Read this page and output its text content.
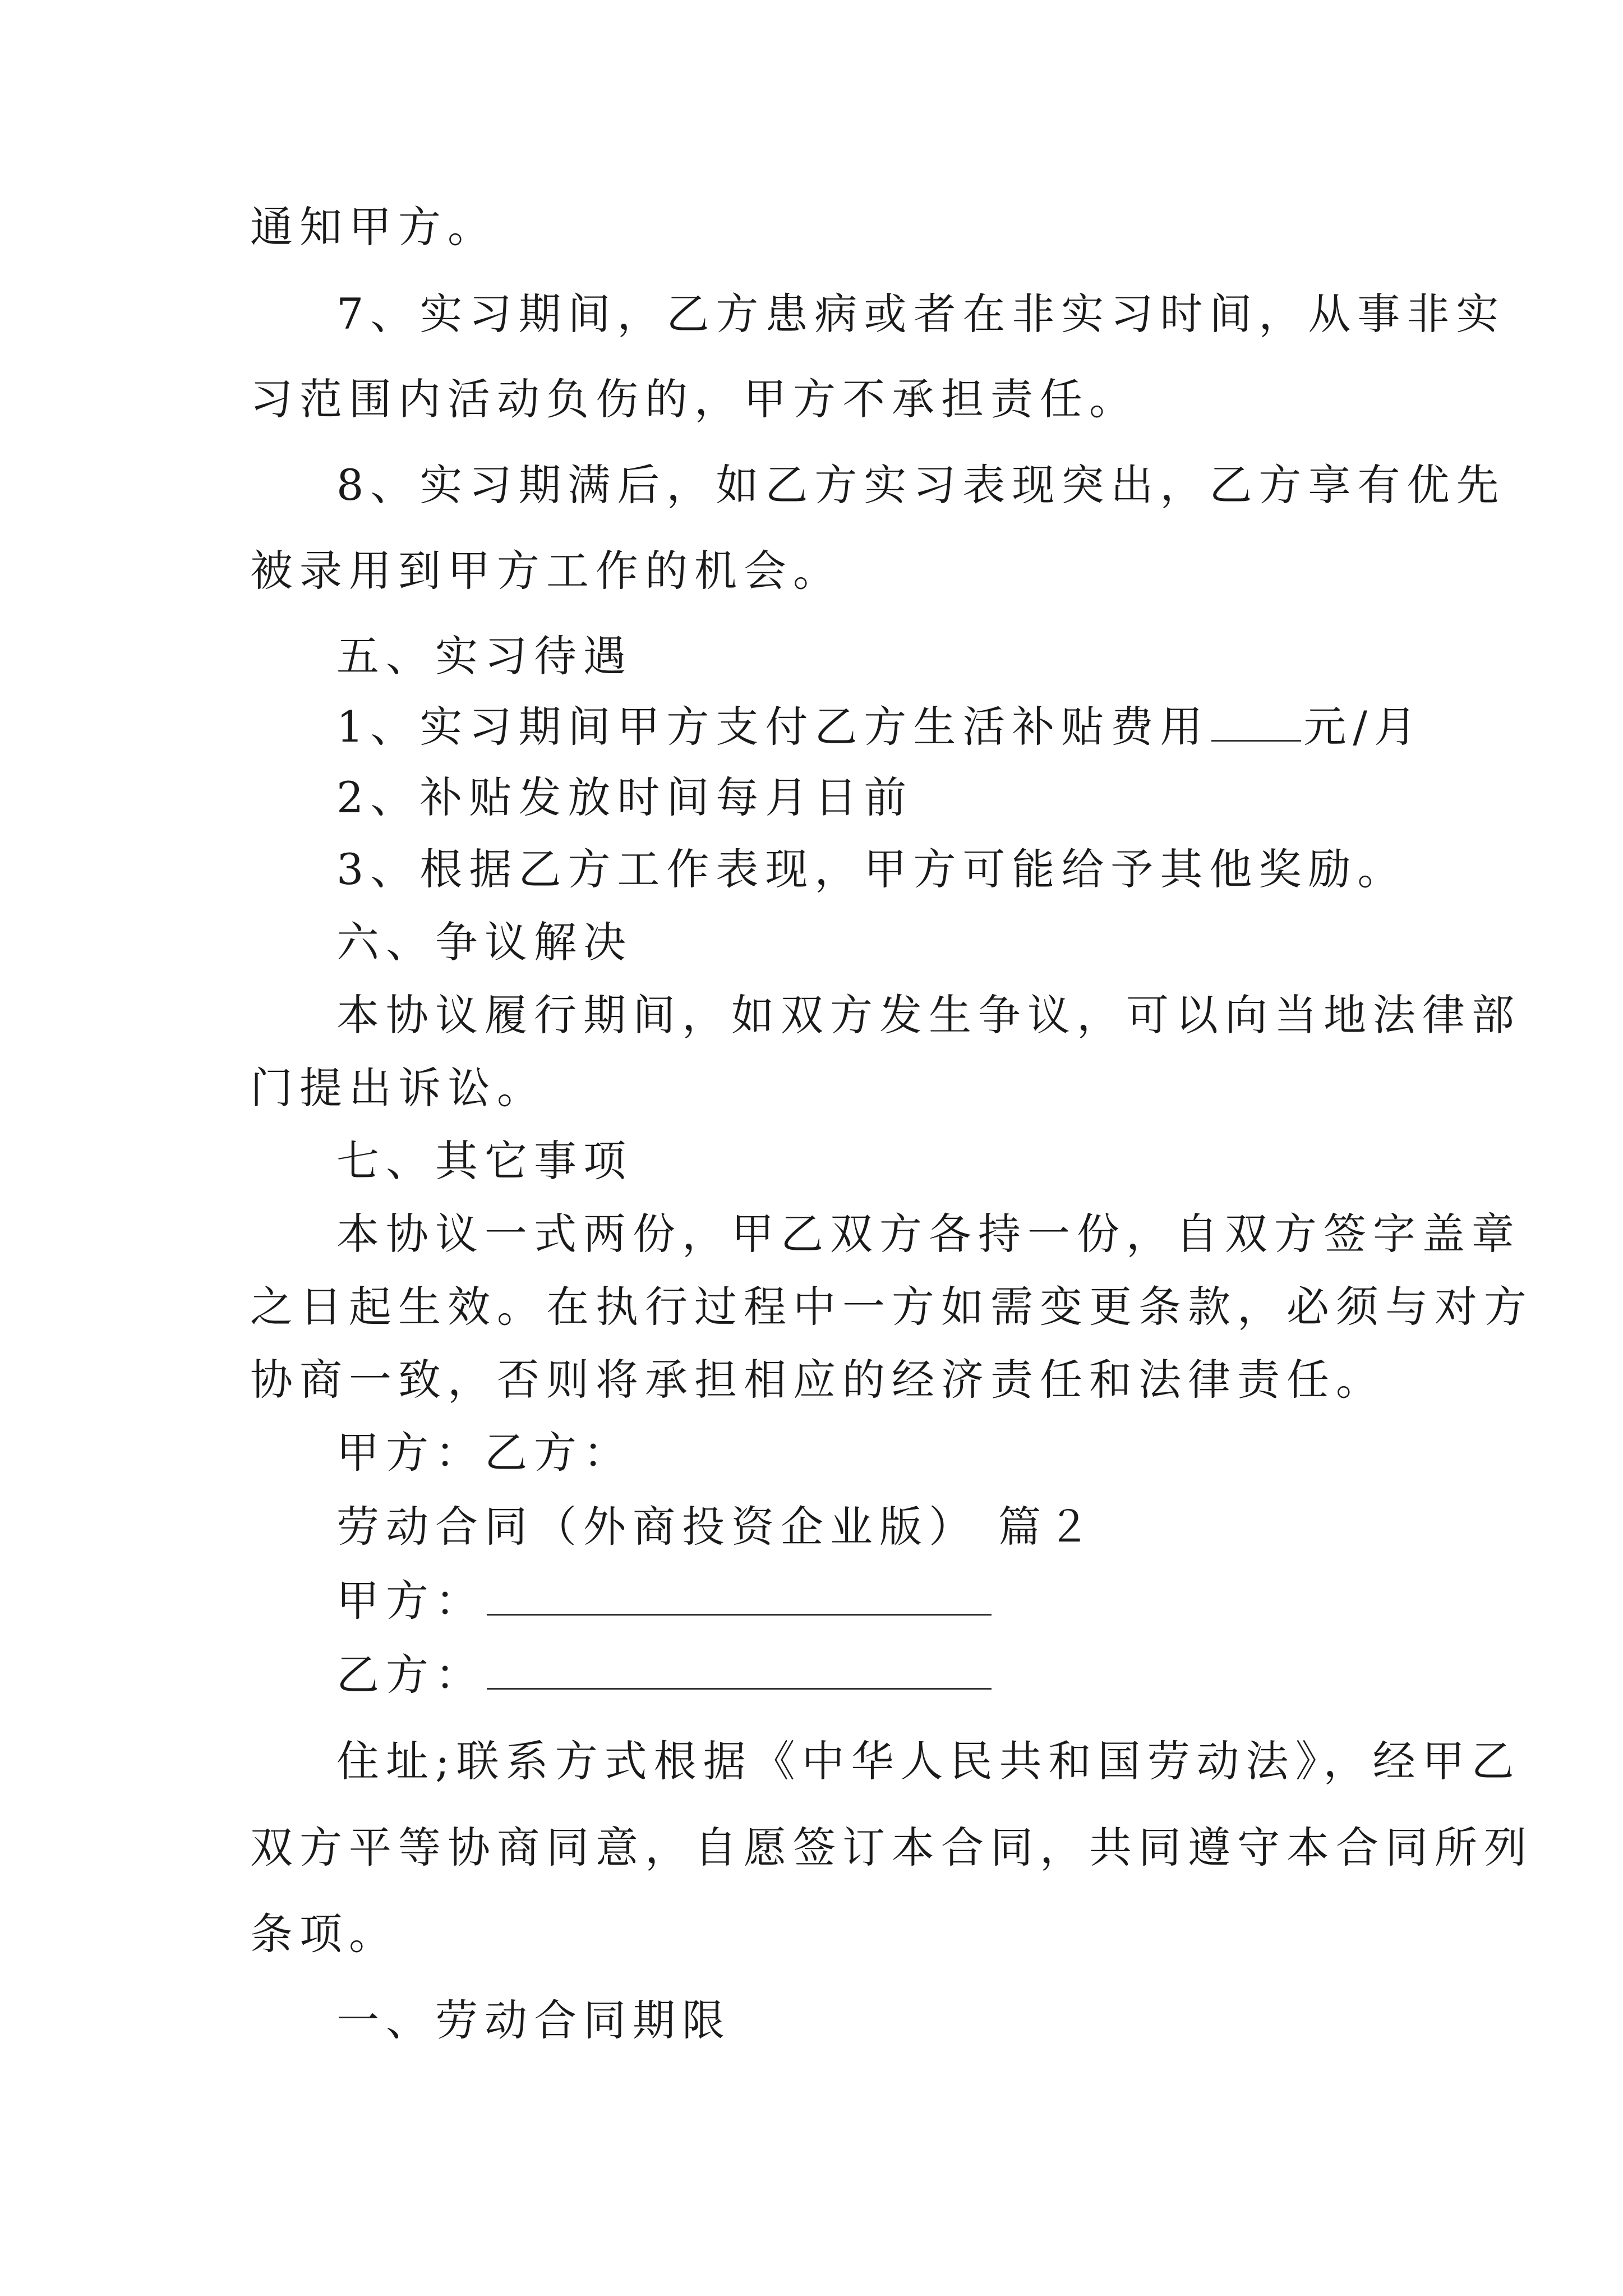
通知甲方。
7、实习期间，乙方患病或者在非实习时间，从事非实
习范围内活动负伤的，甲方不承担责任。
8、实习期满后，如乙方实习表现突出，乙方享有优先
被录用到甲方工作的机会。
五、实习待遇
1、实习期间甲方支付乙方生活补贴费用 元/月
2、补贴发放时间每月日前
3、根据乙方工作表现，甲方可能给予其他奖励。
六、争议解决
本协议履行期间，如双方发生争议，可以向当地法律部
门提出诉讼。
七、其它事项
本协议一式两份，甲乙双方各持一份，自双方签字盖章
之日起生效。在执行过程中一方如需变更条款，必须与对方
协商一致，否则将承担相应的经济责任和法律责任。
甲方：乙方：
劳动合同（外商投资企业版） 篇２
甲方：
乙方：
住址;联系方式根据《中华人民共和国劳动法》，经甲乙
双方平等协商同意，自愿签订本合同，共同遵守本合同所列
条项。
一、劳动合同期限
